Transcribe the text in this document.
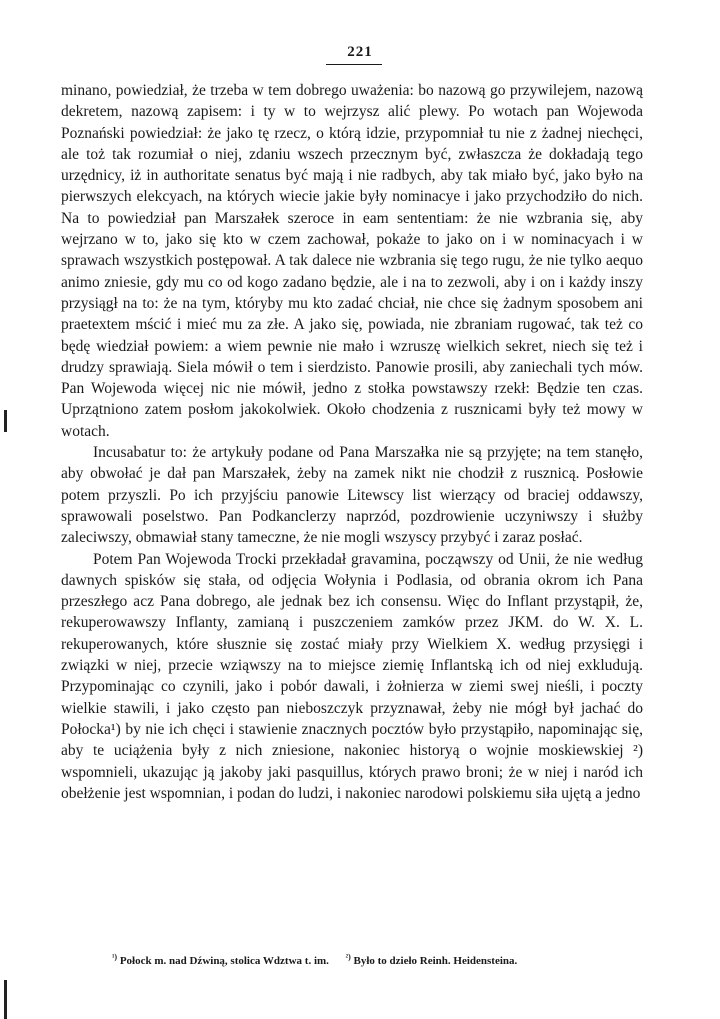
221

minano, powiedział, że trzeba w tem dobrego uważenia: bo nazową go przywilejem, nazową dekretem, nazową zapisem: i ty w to wejrzysz alić plewy. Po wotach pan Wojewoda Poznański powiedział: że jako tę rzecz, o którą idzie, przypomniał tu nie z żadnej niechęci, ale toż tak rozumiał o niej, zdaniu wszech przecznym być, zwłaszcza że dokładają tego urzędnicy, iż in authoritate senatus być mają i nie radbych, aby tak miało być, jako było na pierwszych elekcyach, na których wiecie jakie były nominacye i jako przychodziło do nich. Na to powiedział pan Marszałek szeroce in eam sententiam: że nie wzbrania się, aby wejrzano w to, jako się kto w czem zachował, pokaże to jako on i w nominacyach i w sprawach wszystkich postępował. A tak dalece nie wzbrania się tego rugu, że nie tylko aequo animo zniesie, gdy mu co od kogo zadano będzie, ale i na to zezwoli, aby i on i każdy inszy przysiągł na to: że na tym, któryby mu kto zadać chciał, nie chce się żadnym sposobem ani praetextem mścić i mieć mu za złe. A jako się, powiada, nie zbraniam rugować, tak też co będę wiedział powiem: a wiem pewnie nie mało i wzruszę wielkich sekret, niech się też i drudzy sprawiają. Siela mówił o tem i sierdzisto. Panowie prosili, aby zaniechali tych mów. Pan Wojewoda więcej nic nie mówił, jedno z stołka powstawszy rzekł: Będzie ten czas. Uprzątniono zatem posłom jakokolwiek. Około chodzenia z rusznicami były też mowy w wotach.

Incusabatur to: że artykuły podane od Pana Marszałka nie są przyjęte; na tem stanęło, aby obwołać je dał pan Marszałek, żeby na zamek nikt nie chodził z rusznicą. Posłowie potem przyszli. Po ich przyjściu panowie Litewscy list wierzący od braciej oddawszy, sprawowali poselstwo. Pan Podkanclerzy naprzód, pozdrowienie uczyniwszy i służby zaleciwszy, obmawiał stany tameczne, że nie mogli wszyscy przybyć i zaraz posłać.

Potem Pan Wojewoda Trocki przekładał gravamina, począwszy od Unii, że nie według dawnych spisków się stała, od odjęcia Wołynia i Podlasia, od obrania okrom ich Pana przeszłego acz Pana dobrego, ale jednak bez ich consensu. Więc do Inflant przystąpił, że, rekuperowawszy Inflanty, zamianą i puszczeniem zamków przez JKM. do W. X. L. rekuperowanych, które słusznie się zostać miały przy Wielkiem X. według przysięgi i związki w niej, przecie wziąwszy na to miejsce ziemię Inflantską ich od niej exkludują. Przypominając co czynili, jako i pobór dawali, i żołnierza w ziemi swej nieśli, i poczty wielkie stawili, i jako często pan nieboszczyk przyznawał, żeby nie mógł był jachać do Połocka¹) by nie ich chęci i stawienie znacznych pocztów było przystąpiło, napominając się, aby te uciążenia były z nich zniesione, nakoniec historyą o wojnie moskiewskiej ²) wspomnieli, ukazując ją jakoby jaki pasquillus, których prawo broni; że w niej i naród ich obełżenie jest wspomnian, i podan do ludzi, i nakoniec narodowi polskiemu siła ujętą a jedno

$^{^1)}$ Połock m. nad Dźwiną, stolica Wdztwa t. im. $^{^2)}$ Było to dzieło Reinh. Heidensteina.
